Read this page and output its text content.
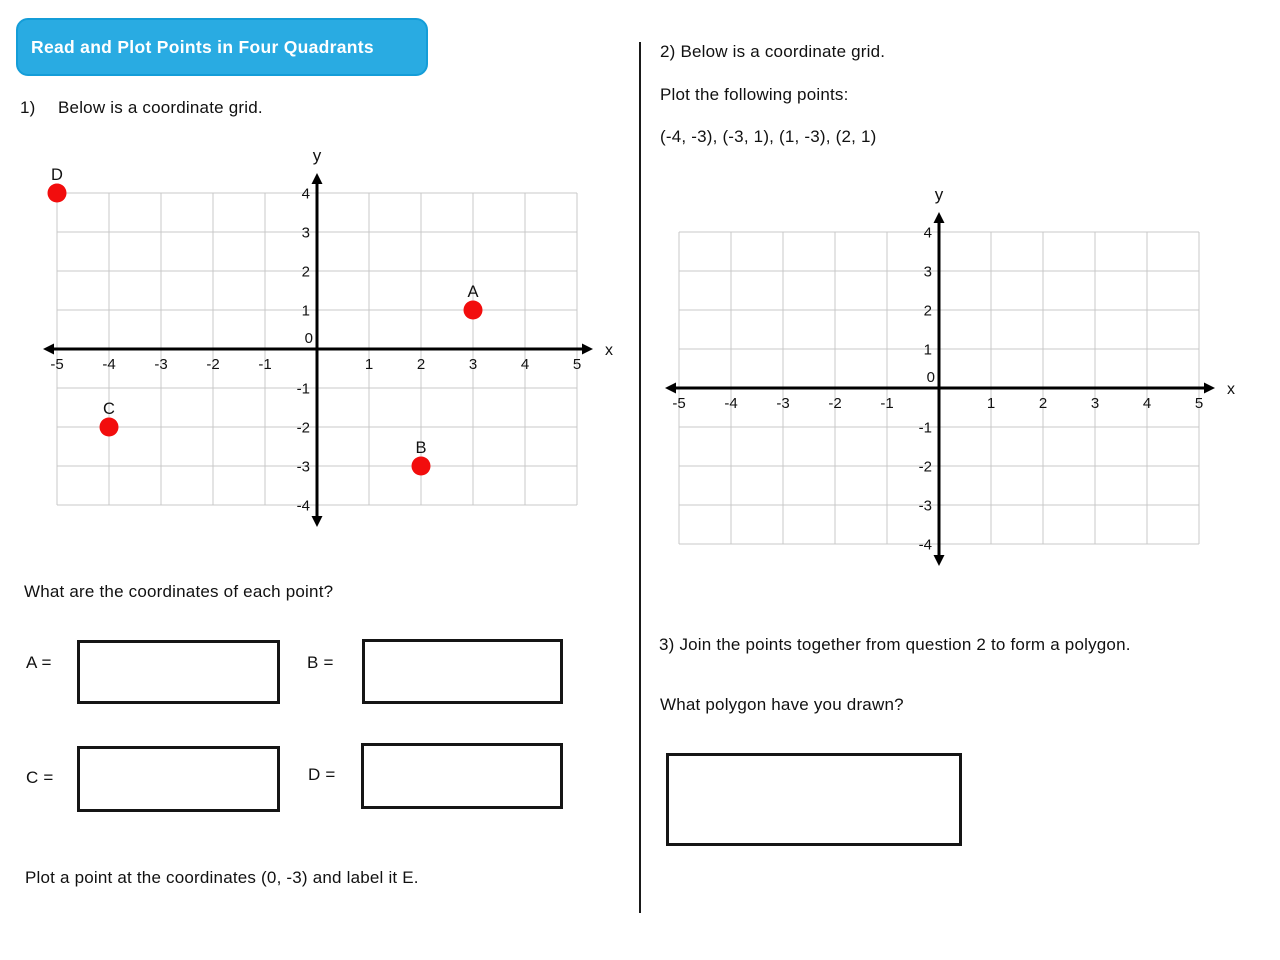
Read and Plot Points in Four Quadrants
1) Below is a coordinate grid.
-5	-4	-3	-2	-1	1	2	3	4	5
-4
-3
-2
-1
1
2
3
4
0
x
y
A
B
C
D
What are the coordinates of each point?
A =	B =
C =	D =
Plot a point at the coordinates (0, -3) and label it E.
2) Below is a coordinate grid.
Plot the following points:
(-4, -3), (-3, 1), (1, -3), (2, 1)
-5	-4	-3	-2	-1	1	2	3	4	5
-4
-3
-2
-1
1
2
3
4
0
x
y
3) Join the points together from question 2 to form a polygon.
What polygon have you drawn?
